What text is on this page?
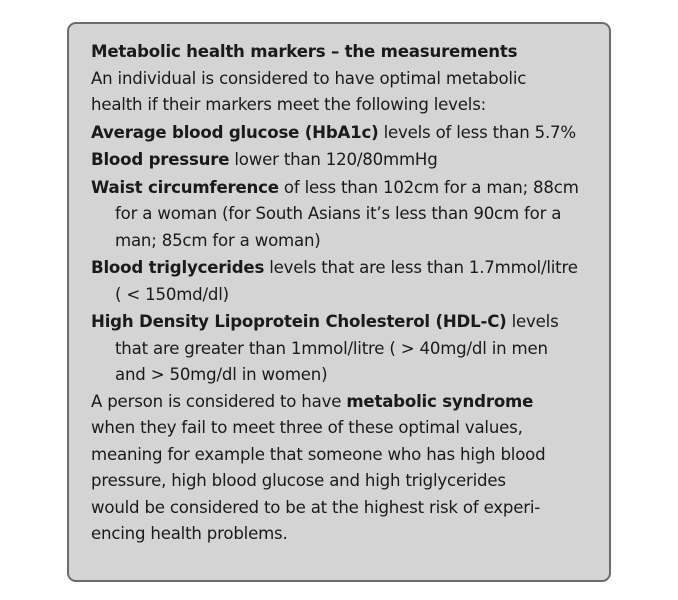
Metabolic health markers – the measurements
An individual is considered to have optimal metabolic
health if their markers meet the following levels:
Average blood glucose (HbA1c) levels of less than 5.7%
Blood pressure lower than 120/80mmHg
Waist circumference of less than 102cm for a man; 88cm
for a woman (for South Asians it’s less than 90cm for a
man; 85cm for a woman)
Blood triglycerides levels that are less than 1.7mmol/litre
( < 150md/dl)
High Density Lipoprotein Cholesterol (HDL-C) levels
that are greater than 1mmol/litre ( > 40mg/dl in men
and > 50mg/dl in women)
A person is considered to have metabolic syndrome
when they fail to meet three of these optimal values,
meaning for example that someone who has high blood
pressure, high blood glucose and high triglycerides
would be considered to be at the highest risk of experi-
encing health problems.
